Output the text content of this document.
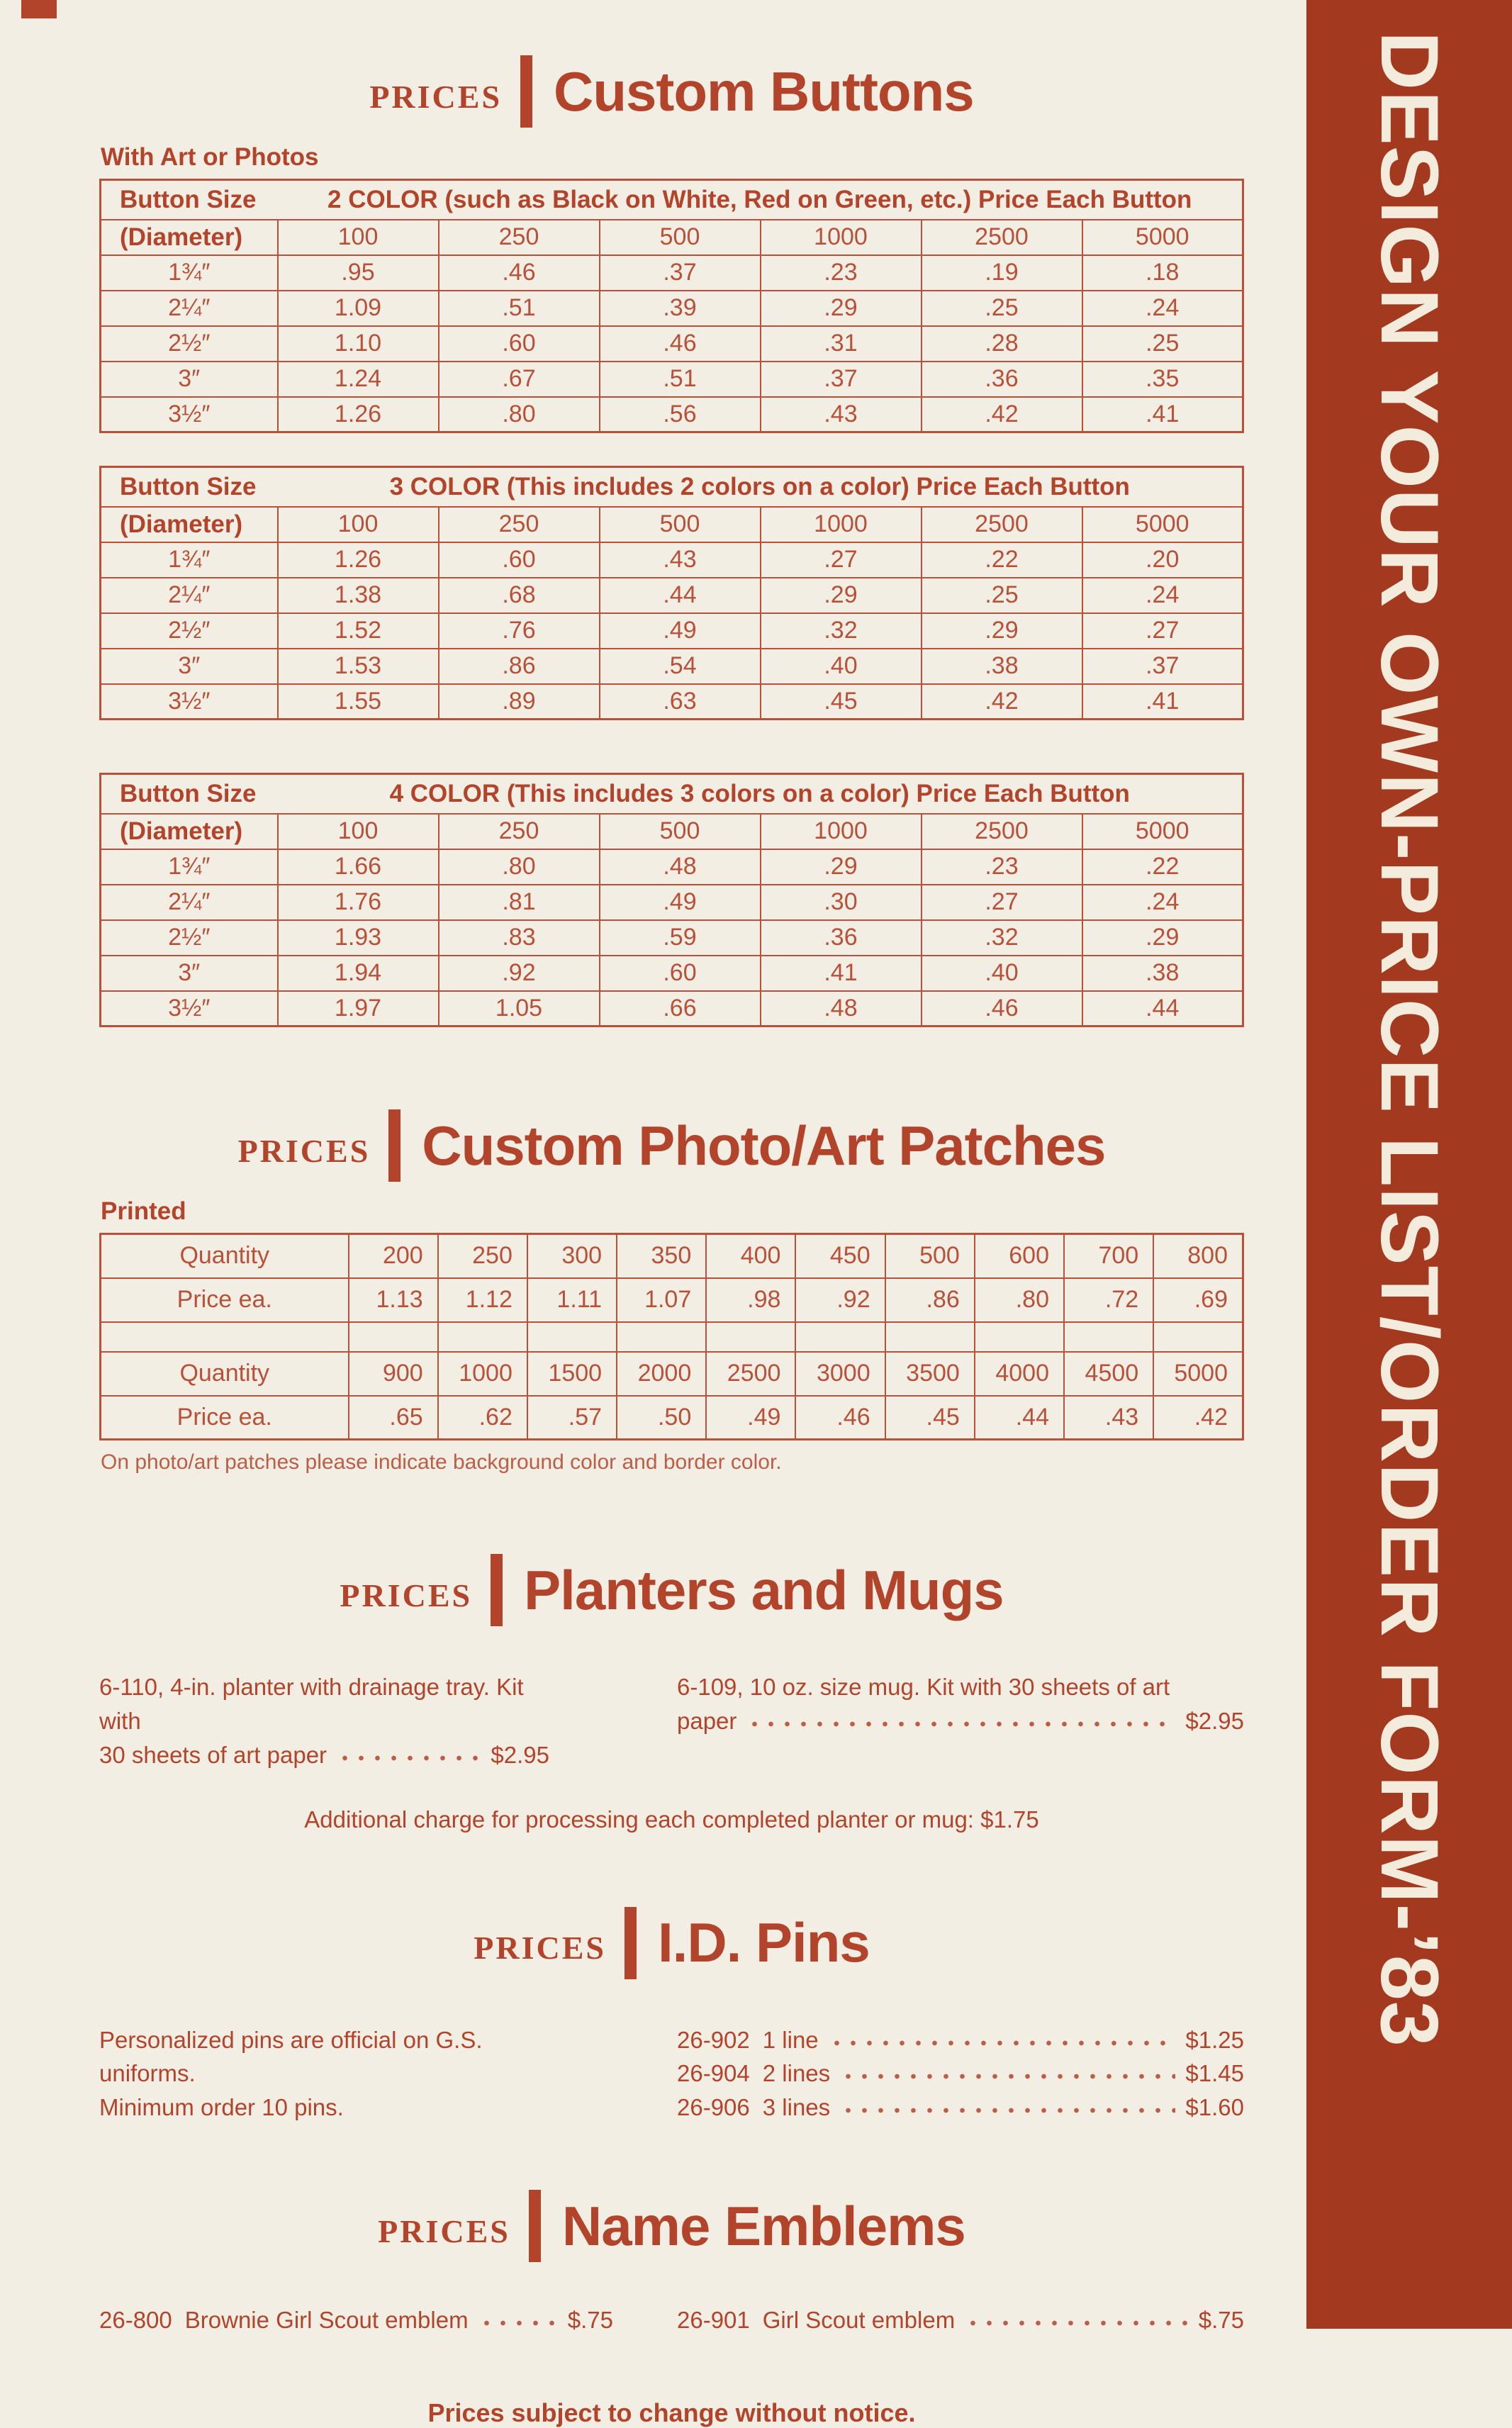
PRICES Custom Buttons
With Art or Photos
Button Size	2 COLOR (such as Black on White, Red on Green, etc.) Price Each Button					
(Diameter)	100	250	500	1000	2500	5000
1¾″	.95	.46	.37	.23	.19	.18
2¼″	1.09	.51	.39	.29	.25	.24
2½″	1.10	.60	.46	.31	.28	.25
3″	1.24	.67	.51	.37	.36	.35
3½″	1.26	.80	.56	.43	.42	.41
Button Size	3 COLOR (This includes 2 colors on a color) Price Each Button					
(Diameter)	100	250	500	1000	2500	5000
1¾″	1.26	.60	.43	.27	.22	.20
2¼″	1.38	.68	.44	.29	.25	.24
2½″	1.52	.76	.49	.32	.29	.27
3″	1.53	.86	.54	.40	.38	.37
3½″	1.55	.89	.63	.45	.42	.41
Button Size	4 COLOR (This includes 3 colors on a color) Price Each Button					
(Diameter)	100	250	500	1000	2500	5000
1¾″	1.66	.80	.48	.29	.23	.22
2¼″	1.76	.81	.49	.30	.27	.24
2½″	1.93	.83	.59	.36	.32	.29
3″	1.94	.92	.60	.41	.40	.38
3½″	1.97	1.05	.66	.48	.46	.44
PRICES Custom Photo/Art Patches
Printed
Quantity	200	250	300	350	400	450	500	600	700	800
Price ea.	1.13	1.12	1.11	1.07	.98	.92	.86	.80	.72	.69

Quantity	900	1000	1500	2000	2500	3000	3500	4000	4500	5000
Price ea.	.65	.62	.57	.50	.49	.46	.45	.44	.43	.42
On photo/art patches please indicate background color and border color.
PRICES Planters and Mugs
6-110, 4-in. planter with drainage tray. Kit with
30 sheets of art paper	$2.95
6-109, 10 oz. size mug. Kit with 30 sheets of art
paper	$2.95
Additional charge for processing each completed planter or mug: $1.75
PRICES I.D. Pins
Personalized pins are official on G.S. uniforms.
Minimum order 10 pins.
26-902 1 line	$1.25
26-904 2 lines	$1.45
26-906 3 lines	$1.60
PRICES Name Emblems
26-800 Brownie Girl Scout emblem	$.75	26-901 Girl Scout emblem	$.75
Prices subject to change without notice.
DESIGN YOUR OWN-PRICE LIST/ORDER FORM-’83
